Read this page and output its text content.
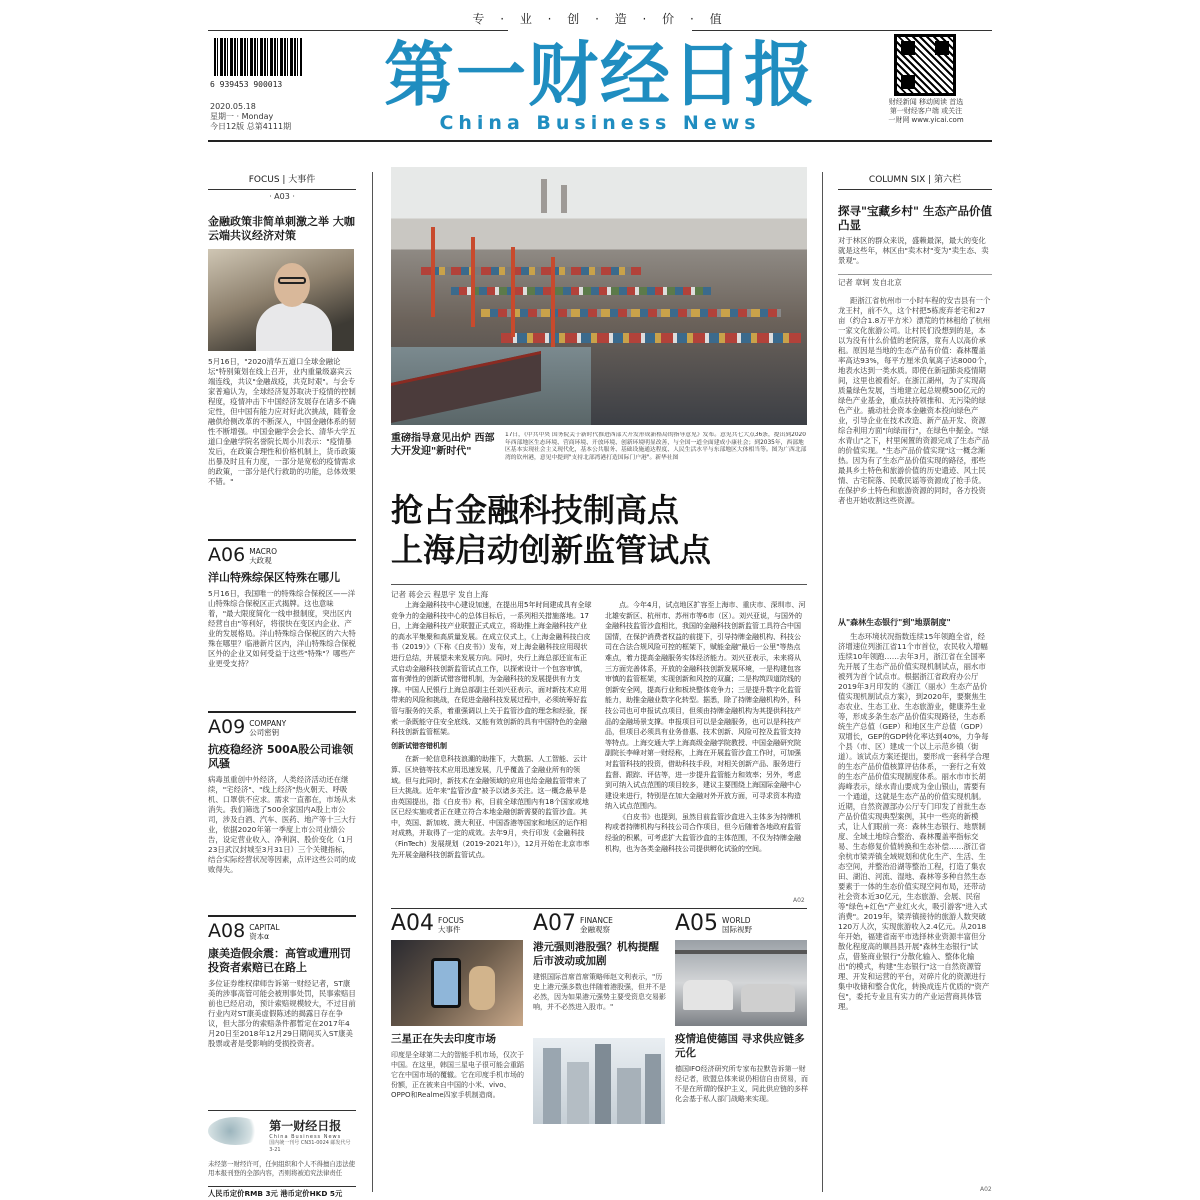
专 · 业 · 创 · 造 · 价 · 值
6 939453 900013
2020.05.18
星期一 · Monday
今日12版 总第4111期
第一财经日报
China Business News
财经新闻 移动阅读 首选第一财经客户端 或关注一财网 www.yicai.com
FOCUS | 大事件
· A03 ·
金融政策非简单刺激之举 大咖云端共议经济对策
5月16日，"2020清华五道口全球金融论坛"特别策划在线上召开，业内重量级嘉宾云端连线，共议"金融战疫，共克时艰"。与会专家普遍认为，全球经济复苏取决于疫情的控制程度，疫情冲击下中国经济发展存在诸多不确定性，但中国有能力应对好此次挑战，随着金融供给侧改革的不断深入，中国金融体系的韧性不断增强。中国金融学会会长、清华大学五道口金融学院名誉院长周小川表示："疫情暴发后，在政策合理性和价格机制上，货币政策出暴及时且有力度，一部分是宽松的疫情需求的政策，一部分是代行救助的功能，总体效果不错。"
A06 MACRO
大政观
洋山特殊综保区特殊在哪儿
5月16日，我国唯一的特殊综合保税区——洋山特殊综合保税区正式揭牌。这也意味着，"最大限度简化一线申报制度，突出区内经营自由"等利好，将很快在变区内企业、产业的发展格局。洋山特殊综合保税区的六大特殊在哪里？临港新片区内，洋山特殊综合保税区外的企业又如何受益于这些"特殊"？哪些产业更受支持？
A09 COMPANY
公司密钥
抗疫稳经济 500A股公司谁领风骚
病毒虽重创中外经济，人类经济活动还在继续，"宅经济"、"线上经济"热火朝天、呼吸机、口罩供不应求。需求一直都在，市场从未消失。我们筛选了500余家国内A股上市公司，涉及白酒、汽车、医药、地产等十三大行业，依据2020年第一季度上市公司业绩公告，设定营业收入、净利润、股价变化（1月23日武汉封城至3月31日）三个关键指标，结合实际经营状况等因素，点评这些公司的成败得失。
A08 CAPITAL
资本α
康美造假余震：高管或遭刑罚 投资者索赔已在路上
多位证券维权律师告诉第一财经记者，ST康美的涉事高管可能会被刑事处罚，民事索赔目前也已经启动，预计索赔规模较大，不过目前行业内对ST康美虚假陈述的揭露日存在争议，但大部分的索赔条件都暂定在2017年4月20日至2018年12月29日期间买入ST康美股票或者是受影响的受损投资者。
第一财经日报
China Business News
国内统一刊号 CN31-0024 邮发代号 3-21
未经第一财经许可，任何组织和个人不得擅自违法使用本报刊登的全部内容，否则将被追究法律责任
人民币定价RMB 3元 港币定价HKD 5元
重磅指导意见出炉 西部大开发迎"新时代"
17日，《中共中央 国务院关于新时代推进西部大开发形成新格局的指导意见》发布。意见共七大点36条，提出到2020年西部地区生态环境、营商环境、开放环境、创新环境明显改善，与全国一道全面建成小康社会；到2035年，西部地区基本实现社会主义现代化，基本公共服务、基础设施通达程度、人民生活水平与东部地区大体相当等。图为广西北部湾的钦州港，意见中提到"支持北部湾港打造国际门户港"。新华社图
抢占金融科技制高点
上海启动创新监管试点
记者 蒋会云 程思宇 发自上海

上海金融科技中心建设加速，在提出用5年时间建成具有全球竞争力的金融科技中心的总体目标后，一系列相关措施落地。17日，上海金融科技产业联盟正式成立，将助推上海金融科技产业的高水平集聚和高质量发展。在成立仪式上，《上海金融科技白皮书（2019）》（下称《白皮书》）发布，对上海金融科技应用现状进行总结，并展望未来发展方向。同时，央行上海总部还宣布正式启动金融科技创新监管试点工作，以探索设计一个包容审慎，富有弹性的创新试错容错机制，为金融科技的发展提供有力支撑。中国人民银行上海总部副主任刘兴亚表示，面对新技术应用带来的风险和挑战，在促进金融科技发展过程中，必须统筹好监管与服务的关系，着重强调以上关于监管沙盒的理念和经验，探索一条既能守住安全底线、又能有效创新的具有中国特色的金融科技创新监管框架。

创新试错容错机制

在新一轮信息科技浪潮的助推下，大数据、人工智能、云计算、区块链等技术应用迅速发展，几乎覆盖了金融业所有的领域。但与此同时，新技术在金融领域的应用也给金融监管带来了巨大挑战。近年来"监管沙盒"被予以诸多关注。这一概念最早是由英国提出，指《白皮书》称，目前全球范围内有18个国家或地区已经实施或者正在建立符合本地金融创新需要的监管沙盒。其中，英国、新加坡、澳大利亚、中国香港等国家和地区的运作相对成熟，并取得了一定的成效。去年9月，央行印发《金融科技（FinTech）发展规划（2019-2021年）》，12月开始在北京市率先开展金融科技创新监管试点。

点。今年4月，试点地区扩容至上海市、重庆市、深圳市、河北雄安新区、杭州市、苏州市等6市（区）。刘兴亚说，与国外的金融科技监管沙盒相比，我国的金融科技创新监管工具符合中国国情，在保护消费者权益的前提下，引导持牌金融机构、科技公司在合法合规风险可控的框架下，赋能金融"最后一公里"等热点难点，着力提高金融服务实体经济能力。刘兴亚表示，未来将从三方面完善体系，开放的金融科技创新发展环境，一是构建包容审慎的监管框架，实现创新和风控的双赢；二是构筑四道防线的创新安全网，提高行业和板块整体竞争力；三是提升数字化监管能力，助推金融业数字化转型。据悉，除了持牌金融机构外，科技公司也可申报试点项目，但须由持牌金融机构为其提供科技产品的金融场景支撑。申报项目可以是金融服务，也可以是科技产品，但项目必须具有业务普惠、技术创新、风险可控及监管支持等特点。上海交通大学上海高级金融学院教授、中国金融研究院副院长李峰对第一财经称，上海在开展监管沙盒工作时，可加强对监管科技的投资，借助科技手段，对相关创新产品、服务进行监督、跟踪、评估等，进一步提升监管能力和效率；另外，考虑到可纳入试点范围的项目较多，建议主要围绕上海国际金融中心建设来进行，特别是在加大金融对外开放方面，可寻求资本构造纳入试点范围内。

《白皮书》也提到，虽然目前监管沙盒进入主体多为持牌机构或者持牌机构与科技公司合作项目，但今后随着各地政府监管经验的积累，可考虑扩大监管沙盒的主体范围，不仅为持牌金融机构，也为各类金融科技公司提供孵化试验的空间。

A02
A04 FOCUS
大事件
三星正在失去印度市场
印度是全球第二大的智能手机市场，仅次于中国。在这里，韩国三星电子很可能会重蹈它在中国市场的覆辙。它在印度手机市场的份额，正在被来自中国的小米、vivo、OPPO和Realme四家手机制造商。
A07 FINANCE
金融观察
港元强则港股强？机构提醒后市波动或加剧
建银国际首席首席策略师赵文利表示，"历史上港元强多数也伴随着港股强，但并不是必然，因为如果港元强势主要受资息交易影响，并不必然进入股市。"
A05 WORLD
国际视野
疫情追使德国 寻求供应链多元化
德国IFO经济研究所专家布拉默告诉第一财经记者，欧盟总体来说仍相信自由贸易，而不是在所谓的保护主义，同此供应链的多样化会基于私人部门战略来实现。
COLUMN SIX | 第六栏
探寻"宝藏乡村" 生态产品价值凸显
对于林区的群众来说，盛赖最深，最大的变化就是这些年，林区由"卖木材"变为"卖生态、卖景观"。
记者 章轲 发自北京
距浙江省杭州市一小时车程的安吉县有一个龙王村，前不久，这个村把5栋废弃老宅和27亩（约合1.8万平方米）漂荒的竹林租给了杭州一家文化旅游公司。让村民们没想到的是，本以为没有什么价值的老院落，竟有人以高价承租。原因是当地的生态产品有价值：森林覆盖率高达93%，每平方厘米负氧离子达8000个，地表水达到一类水质。即使在新冠肺炎疫情期间，这里也被看好。在浙江湖州，为了实现高质量绿色发展，当地建立起总规模500亿元的绿色产业基金，重点扶持领推和、无污染的绿色产业。撬动社会资本金融资本投向绿色产业，引导企业在技术改造、新产品开发、资源综合利用方面"向绿而行"，在绿色中掘金。"绿水青山"之下，村里闲置的资源完成了生态产品的价值实现。"生态产品价值实现"这一概念渐热。因为有了生态产品价值实现的路径，那些最具乡土特色和旅游价值的历史遗迹、风土民情、古宅院落、民歌民谣等资源成了抢手货。在保护乡土特色和旅游资源的同时，各方投资者也开始收割这些资源。
从"森林生态银行"到"地票制度"
生态环境状况指数连续15年领跑全省，经济增速位列浙江省11个市首位，农民收入增幅连续10年领跑……去年3月，浙江省在全国率先开展了生态产品价值实现机制试点，丽水市被列为首个试点市。根据浙江省政府办公厅2019年3月印发的《浙江（丽水）生态产品价值实现机制试点方案》，到2020年，要聚焦生态农业、生态工业、生态旅游业，健康养生业等，形成多条生态产品价值实现路径，生态系统生产总值（GEP）和地区生产总值（GDP）双增长，GEP的GDP转化率达到40%，力争每个县（市、区）建成一个以上示范乡镇（街道）。该试点方案还提出，要形成一套科学合理的生态产品价值核算评估体系，一套行之有效的生态产品价值实现制度体系。丽水市市长胡海峰表示，绿水青山要成为金山银山，需要有一个通道，这就是生态产品的价值实现机制。近期，自然资源部办公厅专门印发了首批生态产品价值实现典型案例，其中一些亮的新模式，让人们眼前一亮：森林生态银行、地票制度、全域土地综合整治、森林覆盖率指标交易、生态修复价值转换和生态补偿……浙江省余杭市梁弄镇全域规划和优化生产、生活、生态空间，并整治沿湖等整治工程，打造了集农田、湖泊、河流、湿地、森林等多种自然生态要素于一体的生态价值实现空间布局，还带动社会资本近30亿元，生态旅游、会展、民宿等"绿色+红色"产业红火火，吸引游客"进入式消费"。2019年，梁弄镇接待的旅游人数突破120万人次，实现旅游收入2.4亿元。从2018年开始，福建省南平市选择林业资源丰富但分散化程度高的顺昌县开展"森林生态银行"试点，借鉴商业银行"分散化输入、整体化输出"的模式，构建"生态银行"这一自然资源管理、开发和运营的平台，对碎片化的资源进行集中收储和整合优化，转换成连片优质的"资产包"，委托专业且有实力的产业运营商具体管理。
A02
